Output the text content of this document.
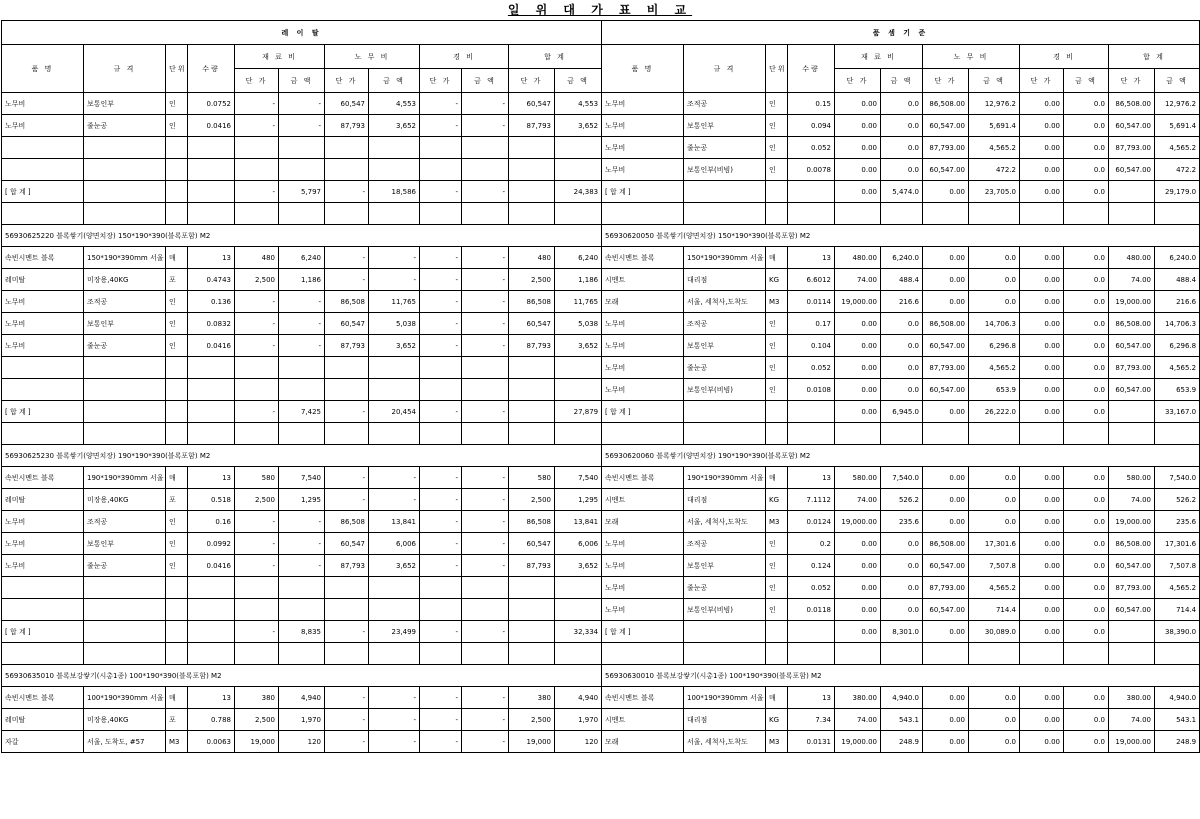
일 위 대 가 표 비 교
레 이 탈											
품 명	규 격	단위	수량	재 료 비		노 무 비		경 비		합 계	
				단 가	금 액	단 가	금 액	단 가	금 액	단 가	금 액
노무비	보통인부	인	0.0752	-	-	60,547	4,553	-	-	60,547	4,553
노무비	줄눈공	인	0.0416	-	-	87,793	3,652	-	-	87,793	3,652

[ 합 계 ]				-	5,797	-	18,586	-	-		24,383

56930625220 블록쌓기(양면치장) 150*190*390(블록포함) M2											
속빈시멘트 블록	150*190*390mm 서울	매	13	480	6,240	-	-	-	-	480	6,240
레미탈	미장용,40KG	포	0.4743	2,500	1,186	-	-	-	-	2,500	1,186
노무비	조적공	인	0.136	-	-	86,508	11,765	-	-	86,508	11,765
노무비	보통인부	인	0.0832	-	-	60,547	5,038	-	-	60,547	5,038
노무비	줄눈공	인	0.0416	-	-	87,793	3,652	-	-	87,793	3,652

[ 합 계 ]				-	7,425	-	20,454	-	-		27,879

56930625230 블록쌓기(양면치장) 190*190*390(블록포함) M2											
속빈시멘트 블록	190*190*390mm 서울	매	13	580	7,540	-	-	-	-	580	7,540
레미탈	미장용,40KG	포	0.518	2,500	1,295	-	-	-	-	2,500	1,295
노무비	조적공	인	0.16	-	-	86,508	13,841	-	-	86,508	13,841
노무비	보통인부	인	0.0992	-	-	60,547	6,006	-	-	60,547	6,006
노무비	줄눈공	인	0.0416	-	-	87,793	3,652	-	-	87,793	3,652

[ 합 계 ]				-	8,835	-	23,499	-	-		32,334

56930635010 블록보강쌓기(시총1종) 100*190*390(블록포함) M2											
속빈시멘트 블록	100*190*390mm 서울	매	13	380	4,940	-	-	-	-	380	4,940
레미탈	미장용,40KG	포	0.788	2,500	1,970	-	-	-	-	2,500	1,970
자갈	서울, 도착도, #57	M3	0.0063	19,000	120	-	-	-	-	19,000	120
품 셈 기 준											
품 명	규 격	단위	수량	재 료 비		노 무 비		경 비		합 계	
				단 가	금 액	단 가	금 액	단 가	금 액	단 가	금 액
노무비	조적공	인	0.15	0.00	0.0	86,508.00	12,976.2	0.00	0.0	86,508.00	12,976.2
노무비	보통인부	인	0.094	0.00	0.0	60,547.00	5,691.4	0.00	0.0	60,547.00	5,691.4
노무비	줄눈공	인	0.052	0.00	0.0	87,793.00	4,565.2	0.00	0.0	87,793.00	4,565.2
노무비	보통인부(비빔)	인	0.0078	0.00	0.0	60,547.00	472.2	0.00	0.0	60,547.00	472.2
[ 합 계 ]				0.00	5,474.0	0.00	23,705.0	0.00	0.0		29,179.0

56930620050 블록쌓기(양면치장) 150*190*390(블록포함) M2											
속빈시멘트 블록	150*190*390mm 서울	매	13	480.00	6,240.0	0.00	0.0	0.00	0.0	480.00	6,240.0
시멘트	대리점	KG	6.6012	74.00	488.4	0.00	0.0	0.00	0.0	74.00	488.4
모래	서울, 세척사,도착도	M3	0.0114	19,000.00	216.6	0.00	0.0	0.00	0.0	19,000.00	216.6
노무비	조적공	인	0.17	0.00	0.0	86,508.00	14,706.3	0.00	0.0	86,508.00	14,706.3
노무비	보통인부	인	0.104	0.00	0.0	60,547.00	6,296.8	0.00	0.0	60,547.00	6,296.8
노무비	줄눈공	인	0.052	0.00	0.0	87,793.00	4,565.2	0.00	0.0	87,793.00	4,565.2
노무비	보통인부(비빔)	인	0.0108	0.00	0.0	60,547.00	653.9	0.00	0.0	60,547.00	653.9
[ 합 계 ]				0.00	6,945.0	0.00	26,222.0	0.00	0.0		33,167.0

56930620060 블록쌓기(양면치장) 190*190*390(블록포함) M2											
속빈시멘트 블록	190*190*390mm 서울	매	13	580.00	7,540.0	0.00	0.0	0.00	0.0	580.00	7,540.0
시멘트	대리점	KG	7.1112	74.00	526.2	0.00	0.0	0.00	0.0	74.00	526.2
모래	서울, 세척사,도착도	M3	0.0124	19,000.00	235.6	0.00	0.0	0.00	0.0	19,000.00	235.6
노무비	조적공	인	0.2	0.00	0.0	86,508.00	17,301.6	0.00	0.0	86,508.00	17,301.6
노무비	보통인부	인	0.124	0.00	0.0	60,547.00	7,507.8	0.00	0.0	60,547.00	7,507.8
노무비	줄눈공	인	0.052	0.00	0.0	87,793.00	4,565.2	0.00	0.0	87,793.00	4,565.2
노무비	보통인부(비빔)	인	0.0118	0.00	0.0	60,547.00	714.4	0.00	0.0	60,547.00	714.4
[ 합 계 ]				0.00	8,301.0	0.00	30,089.0	0.00	0.0		38,390.0

56930630010 블록보강쌓기(시총1종) 100*190*390(블록포함) M2											
속빈시멘트 블록	100*190*390mm 서울	매	13	380.00	4,940.0	0.00	0.0	0.00	0.0	380.00	4,940.0
시멘트	대리점	KG	7.34	74.00	543.1	0.00	0.0	0.00	0.0	74.00	543.1
모래	서울, 세척사,도착도	M3	0.0131	19,000.00	248.9	0.00	0.0	0.00	0.0	19,000.00	248.9
